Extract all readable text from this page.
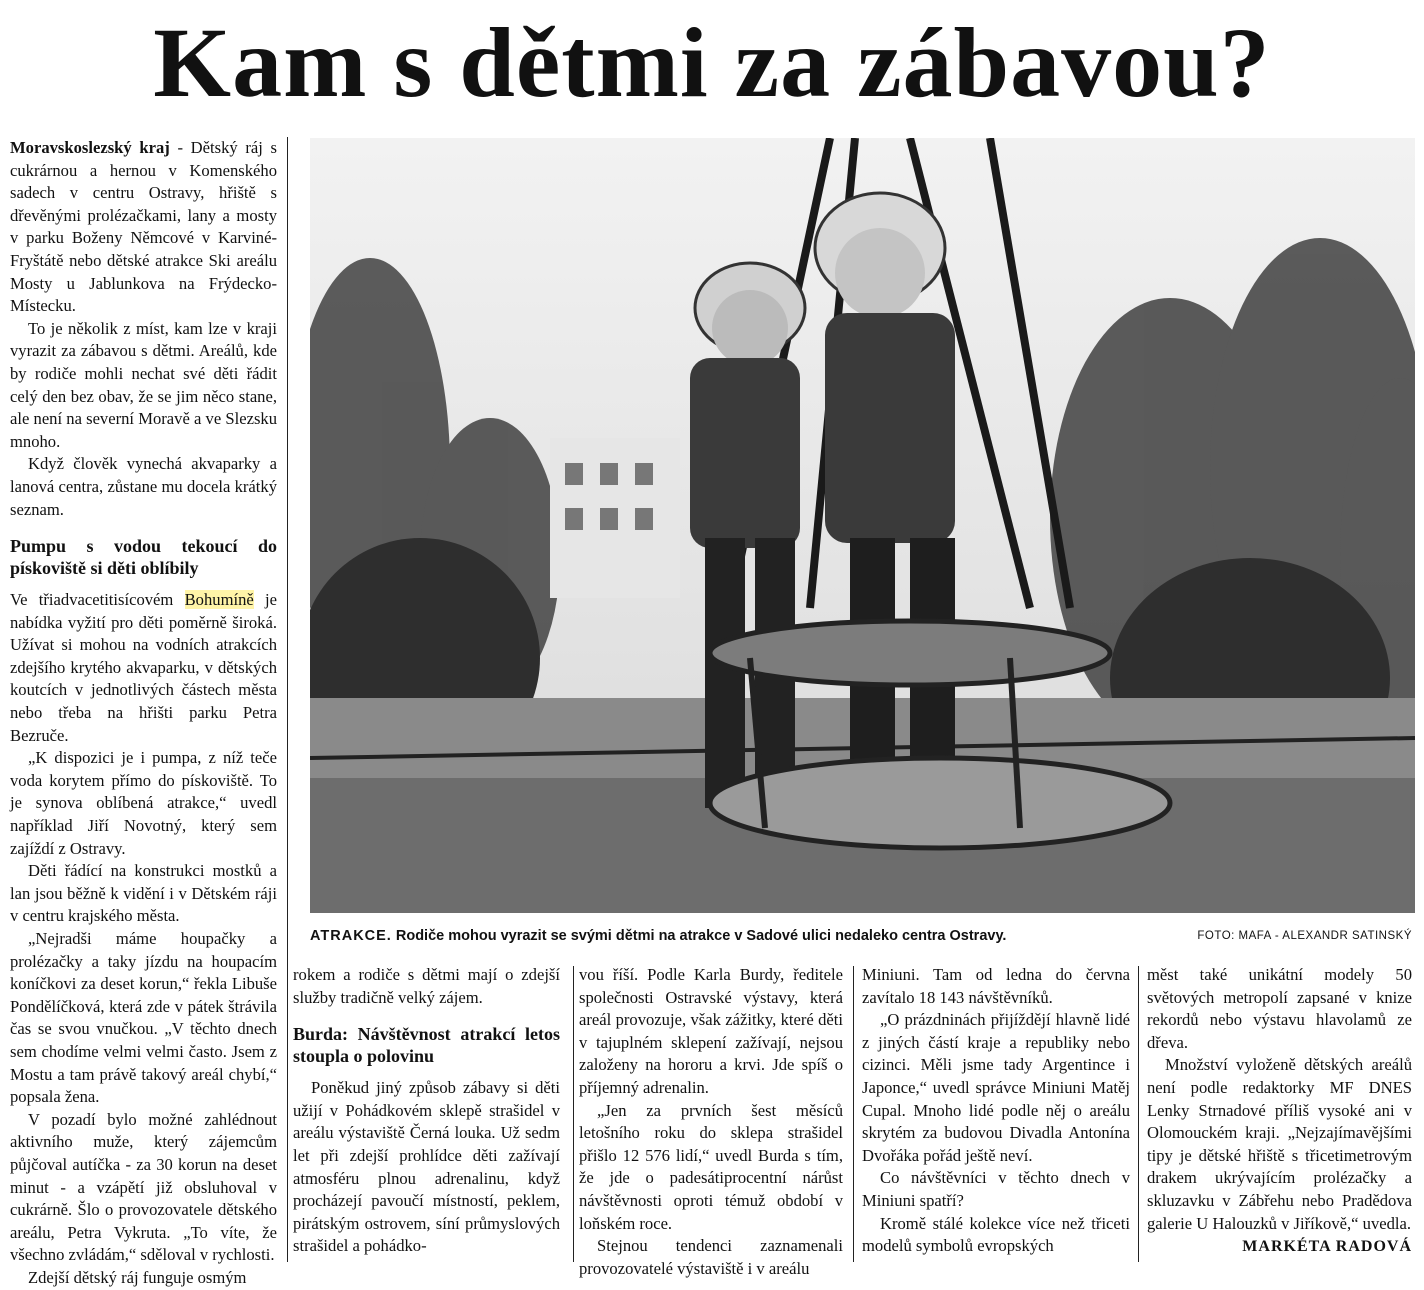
Kam s dětmi za zábavou?

Moravskoslezský kraj - Dětský ráj s cukrárnou a hernou v Komenského sadech v centru Ostravy, hřiště s dřevěnými prolézačkami, lany a mosty v parku Boženy Němcové v Karviné-Fryštátě nebo dětské atrakce Ski areálu Mosty u Jablunkova na Frýdecko-Místecku.

To je několik z míst, kam lze v kraji vyrazit za zábavou s dětmi. Areálů, kde by rodiče mohli nechat své děti řádit celý den bez obav, že se jim něco stane, ale není na severní Moravě a ve Slezsku mnoho.

Když člověk vynechá akvaparky a lanová centra, zůstane mu docela krátký seznam.

Pumpu s vodou tekoucí do pískoviště si děti oblíbily

Ve třiadvacetitisícovém Bohumíně je nabídka vyžití pro děti poměrně široká. Užívat si mohou na vodních atrakcích zdejšího krytého akvaparku, v dětských koutcích v jednotlivých částech města nebo třeba na hřišti parku Petra Bezruče.

„K dispozici je i pumpa, z níž teče voda korytem přímo do pískoviště. To je synova oblíbená atrakce,“ uvedl například Jiří Novotný, který sem zajíždí z Ostravy.

Děti řádící na konstrukci mostků a lan jsou běžně k vidění i v Dětském ráji v centru krajského města.

„Nejradši máme houpačky a prolézačky a taky jízdu na houpacím koníčkovi za deset korun,“ řekla Libuše Pondělíčková, která zde v pátek štrávila čas se svou vnučkou. „V těchto dnech sem chodíme velmi velmi často. Jsem z Mostu a tam právě takový areál chybí,“ popsala žena.

V pozadí bylo možné zahlédnout aktivního muže, který zájemcům půjčoval autíčka - za 30 korun na deset minut - a vzápětí již obsluhoval v cukrárně. Šlo o provozovatele dětského areálu, Petra Vykruta. „To víte, že všechno zvládám,“ sděloval v rychlosti.

Zdejší dětský ráj funguje osmým

ATRAKCE. Rodiče mohou vyrazit se svými dětmi na atrakce v Sadové ulici nedaleko centra Ostravy.	FOTO: MAFA - ALEXANDR SATINSKÝ

rokem a rodiče s dětmi mají o zdejší služby tradičně velký zájem.

Burda: Návštěvnost atrakcí letos stoupla o polovinu

Poněkud jiný způsob zábavy si děti užijí v Pohádkovém sklepě strašidel v areálu výstaviště Černá louka. Už sedm let při zdejší prohlídce děti zažívají atmosféru plnou adrenalinu, když procházejí pavoučí místností, peklem, pirátským ostrovem, síní průmyslových strašidel a pohádko-

vou říší. Podle Karla Burdy, ředitele společnosti Ostravské výstavy, která areál provozuje, však zážitky, které děti v tajuplném sklepení zažívají, nejsou založeny na hororu a krvi. Jde spíš o příjemný adrenalin.

„Jen za prvních šest měsíců letošního roku do sklepa strašidel přišlo 12 576 lidí,“ uvedl Burda s tím, že jde o padesátiprocentní nárůst návštěvnosti oproti témuž období v loňském roce.

Stejnou tendenci zaznamenali provozovatelé výstaviště i v areálu

Miniuni. Tam od ledna do června zavítalo 18 143 návštěvníků.

„O prázdninách přijíždějí hlavně lidé z jiných částí kraje a republiky nebo cizinci. Měli jsme tady Argentince i Japonce,“ uvedl správce Miniuni Matěj Cupal. Mnoho lidé podle něj o areálu skrytém za budovou Divadla Antonína Dvořáka pořád ještě neví.

Co návštěvníci v těchto dnech v Miniuni spatří?

Kromě stálé kolekce více než třiceti modelů symbolů evropských

měst také unikátní modely 50 světových metropolí zapsané v knize rekordů nebo výstavu hlavolamů ze dřeva.

Množství vyloženě dětských areálů není podle redaktorky MF DNES Lenky Strnadové příliš vysoké ani v Olomouckém kraji. „Nejzajímavějšími tipy je dětské hřiště s třicetimetrovým drakem ukrývajícím prolézačky a skluzavku v Zábřehu nebo Pradědova galerie U Halouzků v Jiříkově,“ uvedla.

MARKÉTA RADOVÁ
